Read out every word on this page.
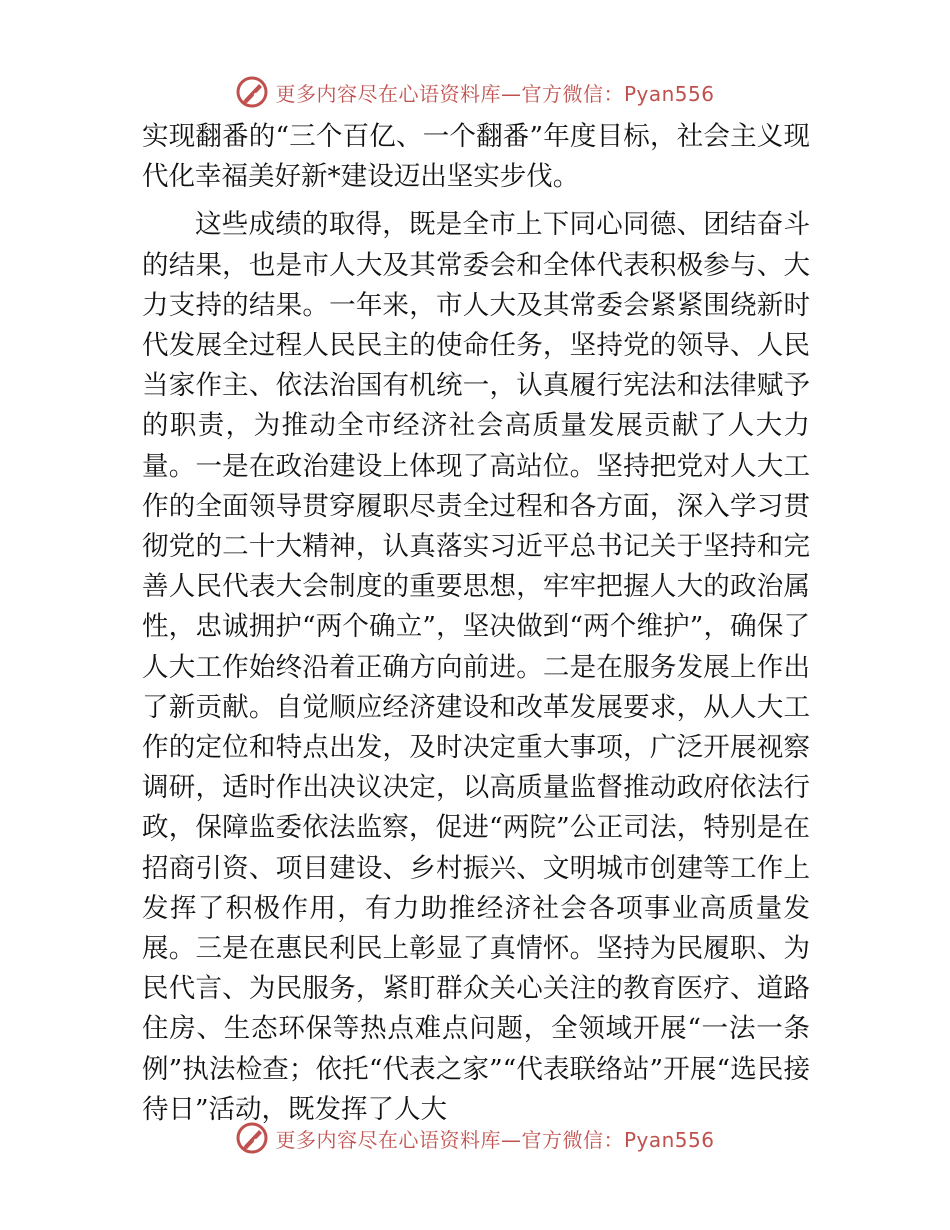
更多内容尽在心语资料库—官方微信：Pyan556

实现翻番的“三个百亿、一个翻番”年度目标，社会主义现代化幸福美好新*建设迈出坚实步伐。

这些成绩的取得，既是全市上下同心同德、团结奋斗的结果，也是市人大及其常委会和全体代表积极参与、大力支持的结果。一年来，市人大及其常委会紧紧围绕新时代发展全过程人民民主的使命任务，坚持党的领导、人民当家作主、依法治国有机统一，认真履行宪法和法律赋予的职责，为推动全市经济社会高质量发展贡献了人大力量。一是在政治建设上体现了高站位。坚持把党对人大工作的全面领导贯穿履职尽责全过程和各方面，深入学习贯彻党的二十大精神，认真落实习近平总书记关于坚持和完善人民代表大会制度的重要思想，牢牢把握人大的政治属性，忠诚拥护“两个确立”，坚决做到“两个维护”，确保了人大工作始终沿着正确方向前进。二是在服务发展上作出了新贡献。自觉顺应经济建设和改革发展要求，从人大工作的定位和特点出发，及时决定重大事项，广泛开展视察调研，适时作出决议决定，以高质量监督推动政府依法行政，保障监委依法监察，促进“两院”公正司法，特别是在招商引资、项目建设、乡村振兴、文明城市创建等工作上发挥了积极作用，有力助推经济社会各项事业高质量发展。三是在惠民利民上彰显了真情怀。坚持为民履职、为民代言、为民服务，紧盯群众关心关注的教育医疗、道路住房、生态环保等热点难点问题，全领域开展“一法一条例”执法检查；依托“代表之家”“代表联络站”开展“选民接待日”活动，既发挥了人大

更多内容尽在心语资料库—官方微信：Pyan556
